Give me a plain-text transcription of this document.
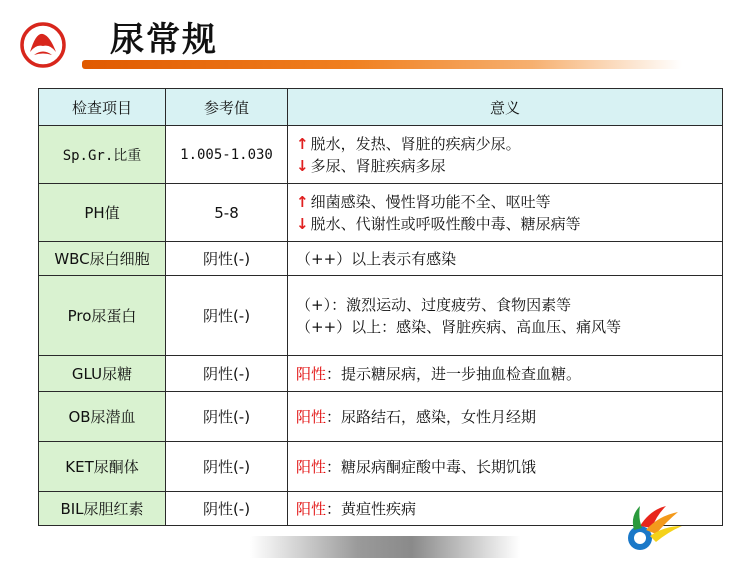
尿常规
检查项目	参考值	意义
Sp.Gr.比重	1.005-1.030	↑ 脱水，发热、肾脏的疾病少尿。
↓ 多尿、肾脏疾病多尿

PH值	5-8	↑ 细菌感染、慢性肾功能不全、呕吐等
↓ 脱水、代谢性或呼吸性酸中毒、糖尿病等

WBC尿白细胞	阴性(-)	（++）以上表示有感染
Pro尿蛋白	阴性(-)	（+）：激烈运动、过度疲劳、食物因素等
（++）以上：感染、肾脏疾病、高血压、痛风等

GLU尿糖	阴性(-)	阳性：提示糖尿病，进一步抽血检查血糖。
OB尿潜血	阴性(-)	阳性：尿路结石，感染，女性月经期
KET尿酮体	阴性(-)	阳性：糖尿病酮症酸中毒、长期饥饿
BIL尿胆红素	阴性(-)	阳性：黄疸性疾病
